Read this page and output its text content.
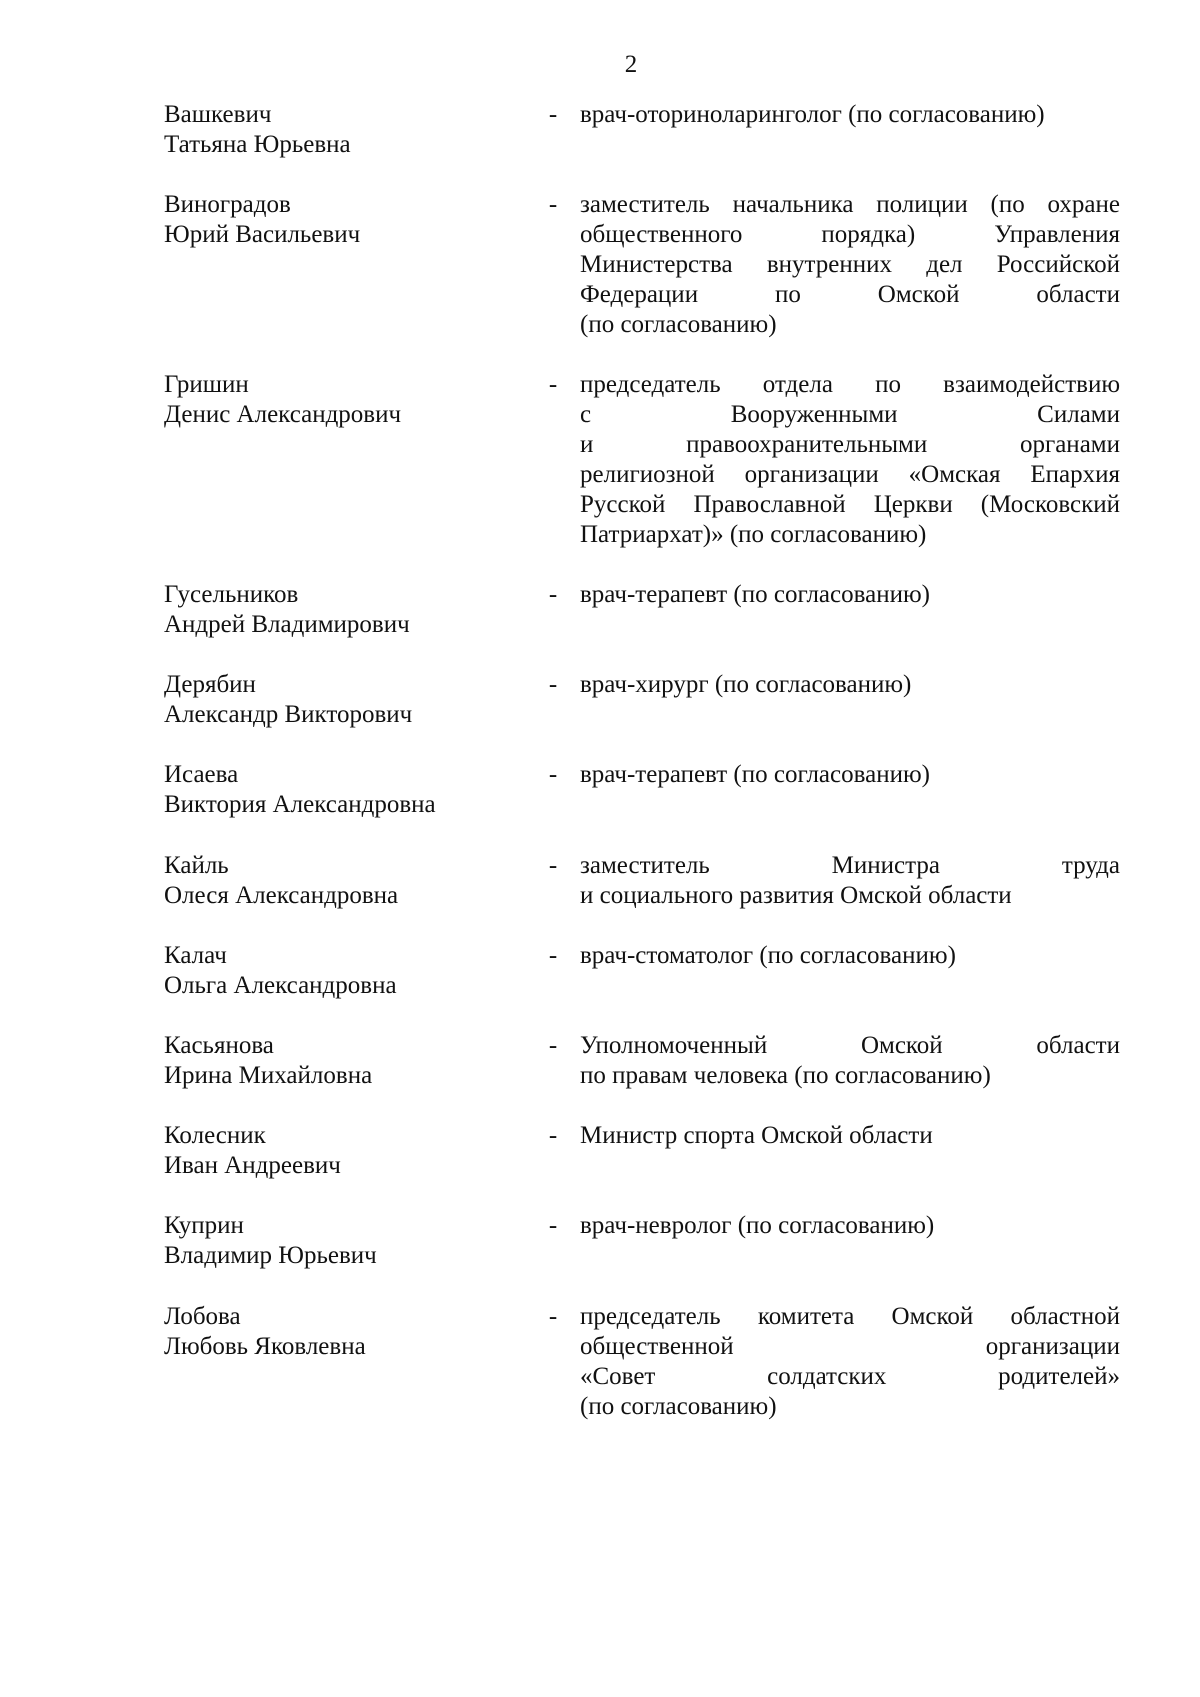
2
Вашкевич
Татьяна Юрьевна
- врач-оториноларинголог (по согласованию)
Виноградов
Юрий Васильевич
- заместитель начальника полиции (по охране
общественного порядка) Управления
Министерства внутренних дел Российской
Федерации по Омской области
(по согласованию)
Гришин
Денис Александрович
- председатель отдела по взаимодействию
с Вооруженными Силами
и правоохранительными органами
религиозной организации «Омская Епархия
Русской Православной Церкви (Московский
Патриархат)» (по согласованию)
Гусельников
Андрей Владимирович
- врач-терапевт (по согласованию)
Дерябин
Александр Викторович
- врач-хирург (по согласованию)
Исаева
Виктория Александровна
- врач-терапевт (по согласованию)
Кайль
Олеся Александровна
- заместитель Министра труда
и социального развития Омской области
Калач
Ольга Александровна
- врач-стоматолог (по согласованию)
Касьянова
Ирина Михайловна
- Уполномоченный Омской области
по правам человека (по согласованию)
Колесник
Иван Андреевич
- Министр спорта Омской области
Куприн
Владимир Юрьевич
- врач-невролог (по согласованию)
Лобова
Любовь Яковлевна
- председатель комитета Омской областной
общественной организации
«Совет солдатских родителей»
(по согласованию)
